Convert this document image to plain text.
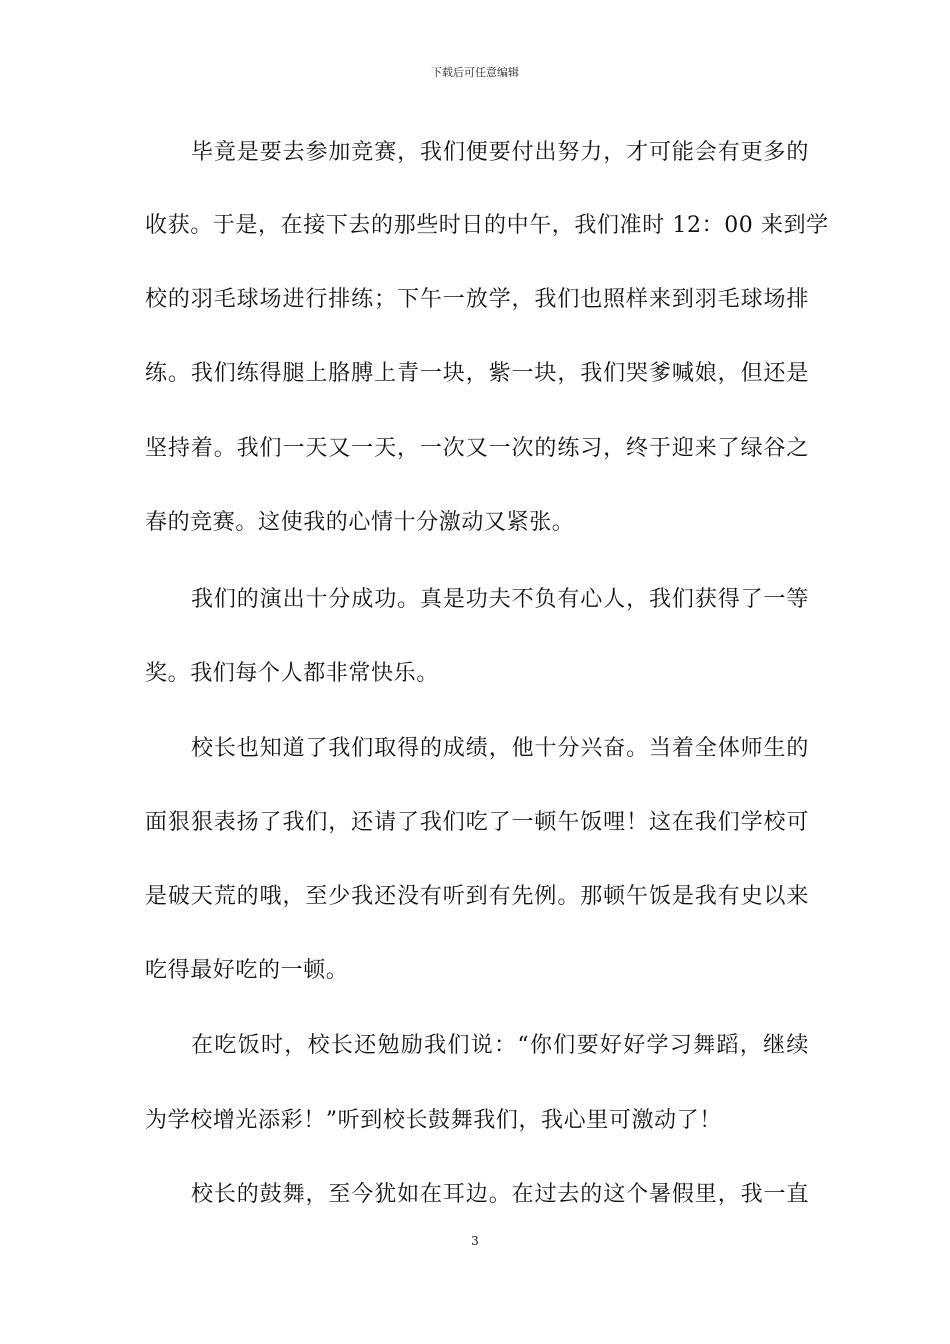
下载后可任意编辑
毕竟是要去参加竞赛，我们便要付出努力，才可能会有更多的
收获。于是，在接下去的那些时日的中午，我们准时 12：00 来到学
校的羽毛球场进行排练；下午一放学，我们也照样来到羽毛球场排
练。我们练得腿上胳膊上青一块，紫一块，我们哭爹喊娘，但还是
坚持着。我们一天又一天，一次又一次的练习，终于迎来了绿谷之
春的竞赛。这使我的心情十分激动又紧张。
我们的演出十分成功。真是功夫不负有心人，我们获得了一等
奖。我们每个人都非常快乐。
校长也知道了我们取得的成绩，他十分兴奋。当着全体师生的
面狠狠表扬了我们，还请了我们吃了一顿午饭哩！这在我们学校可
是破天荒的哦，至少我还没有听到有先例。那顿午饭是我有史以来
吃得最好吃的一顿。
在吃饭时，校长还勉励我们说：“你们要好好学习舞蹈，继续
为学校增光添彩！”听到校长鼓舞我们，我心里可激动了！
校长的鼓舞，至今犹如在耳边。在过去的这个暑假里，我一直
3
